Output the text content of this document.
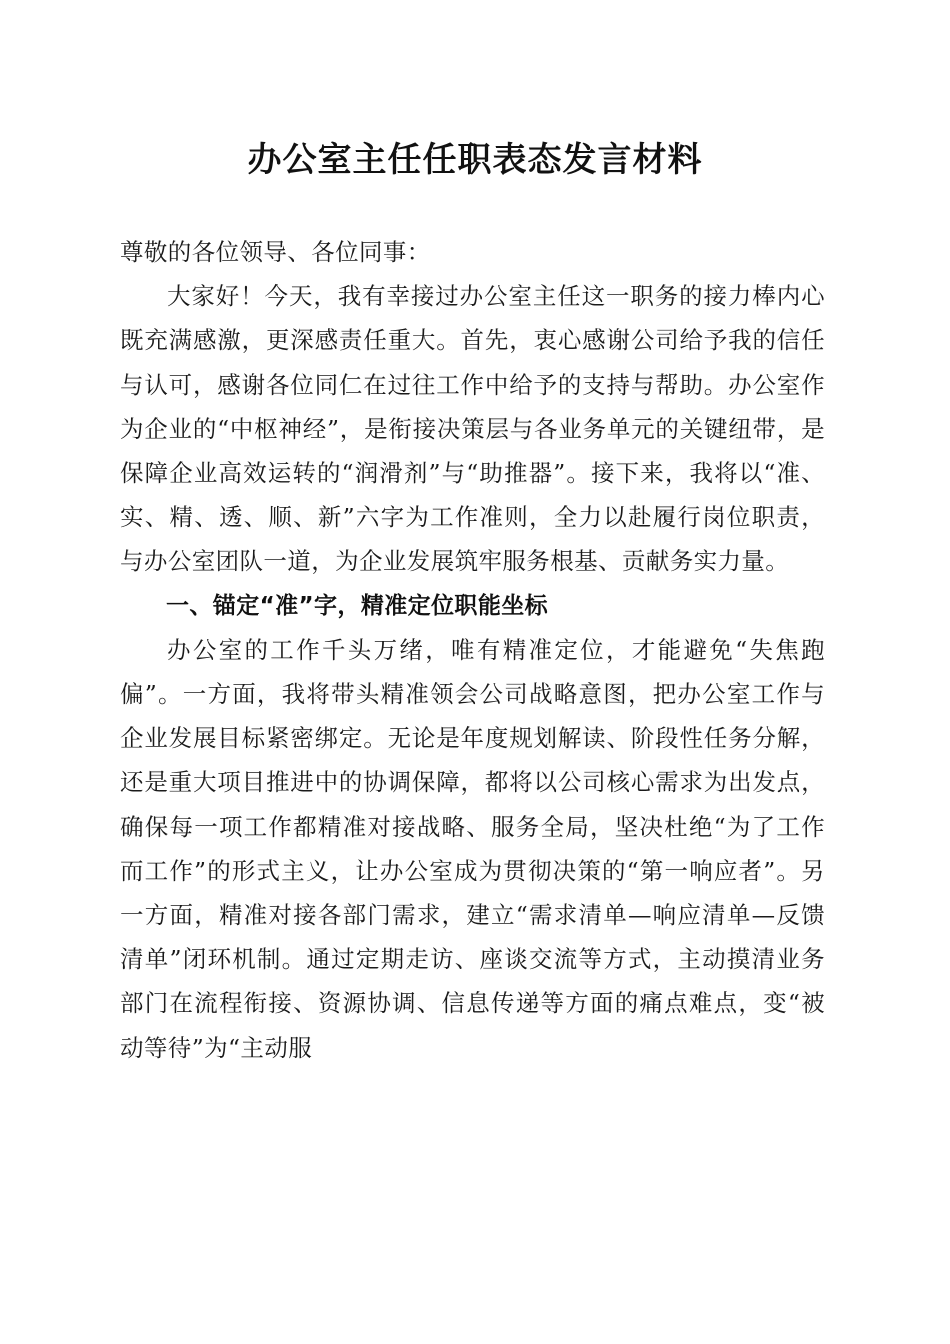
办公室主任任职表态发言材料

尊敬的各位领导、各位同事：

大家好！今天，我有幸接过办公室主任这一职务的接力棒内心既充满感激，更深感责任重大。首先，衷心感谢公司给予我的信任与认可，感谢各位同仁在过往工作中给予的支持与帮助。办公室作为企业的“中枢神经”，是衔接决策层与各业务单元的关键纽带，是保障企业高效运转的“润滑剂”与“助推器”。接下来，我将以“准、实、精、透、顺、新”六字为工作准则，全力以赴履行岗位职责，与办公室团队一道，为企业发展筑牢服务根基、贡献务实力量。

一、锚定“准”字，精准定位职能坐标

办公室的工作千头万绪，唯有精准定位，才能避免“失焦跑偏”。一方面，我将带头精准领会公司战略意图，把办公室工作与企业发展目标紧密绑定。无论是年度规划解读、阶段性任务分解，还是重大项目推进中的协调保障，都将以公司核心需求为出发点，确保每一项工作都精准对接战略、服务全局，坚决杜绝“为了工作而工作”的形式主义，让办公室成为贯彻决策的“第一响应者”。另一方面，精准对接各部门需求，建立“需求清单—响应清单—反馈清单”闭环机制。通过定期走访、座谈交流等方式，主动摸清业务部门在流程衔接、资源协调、信息传递等方面的痛点难点，变“被动等待”为“主动服
